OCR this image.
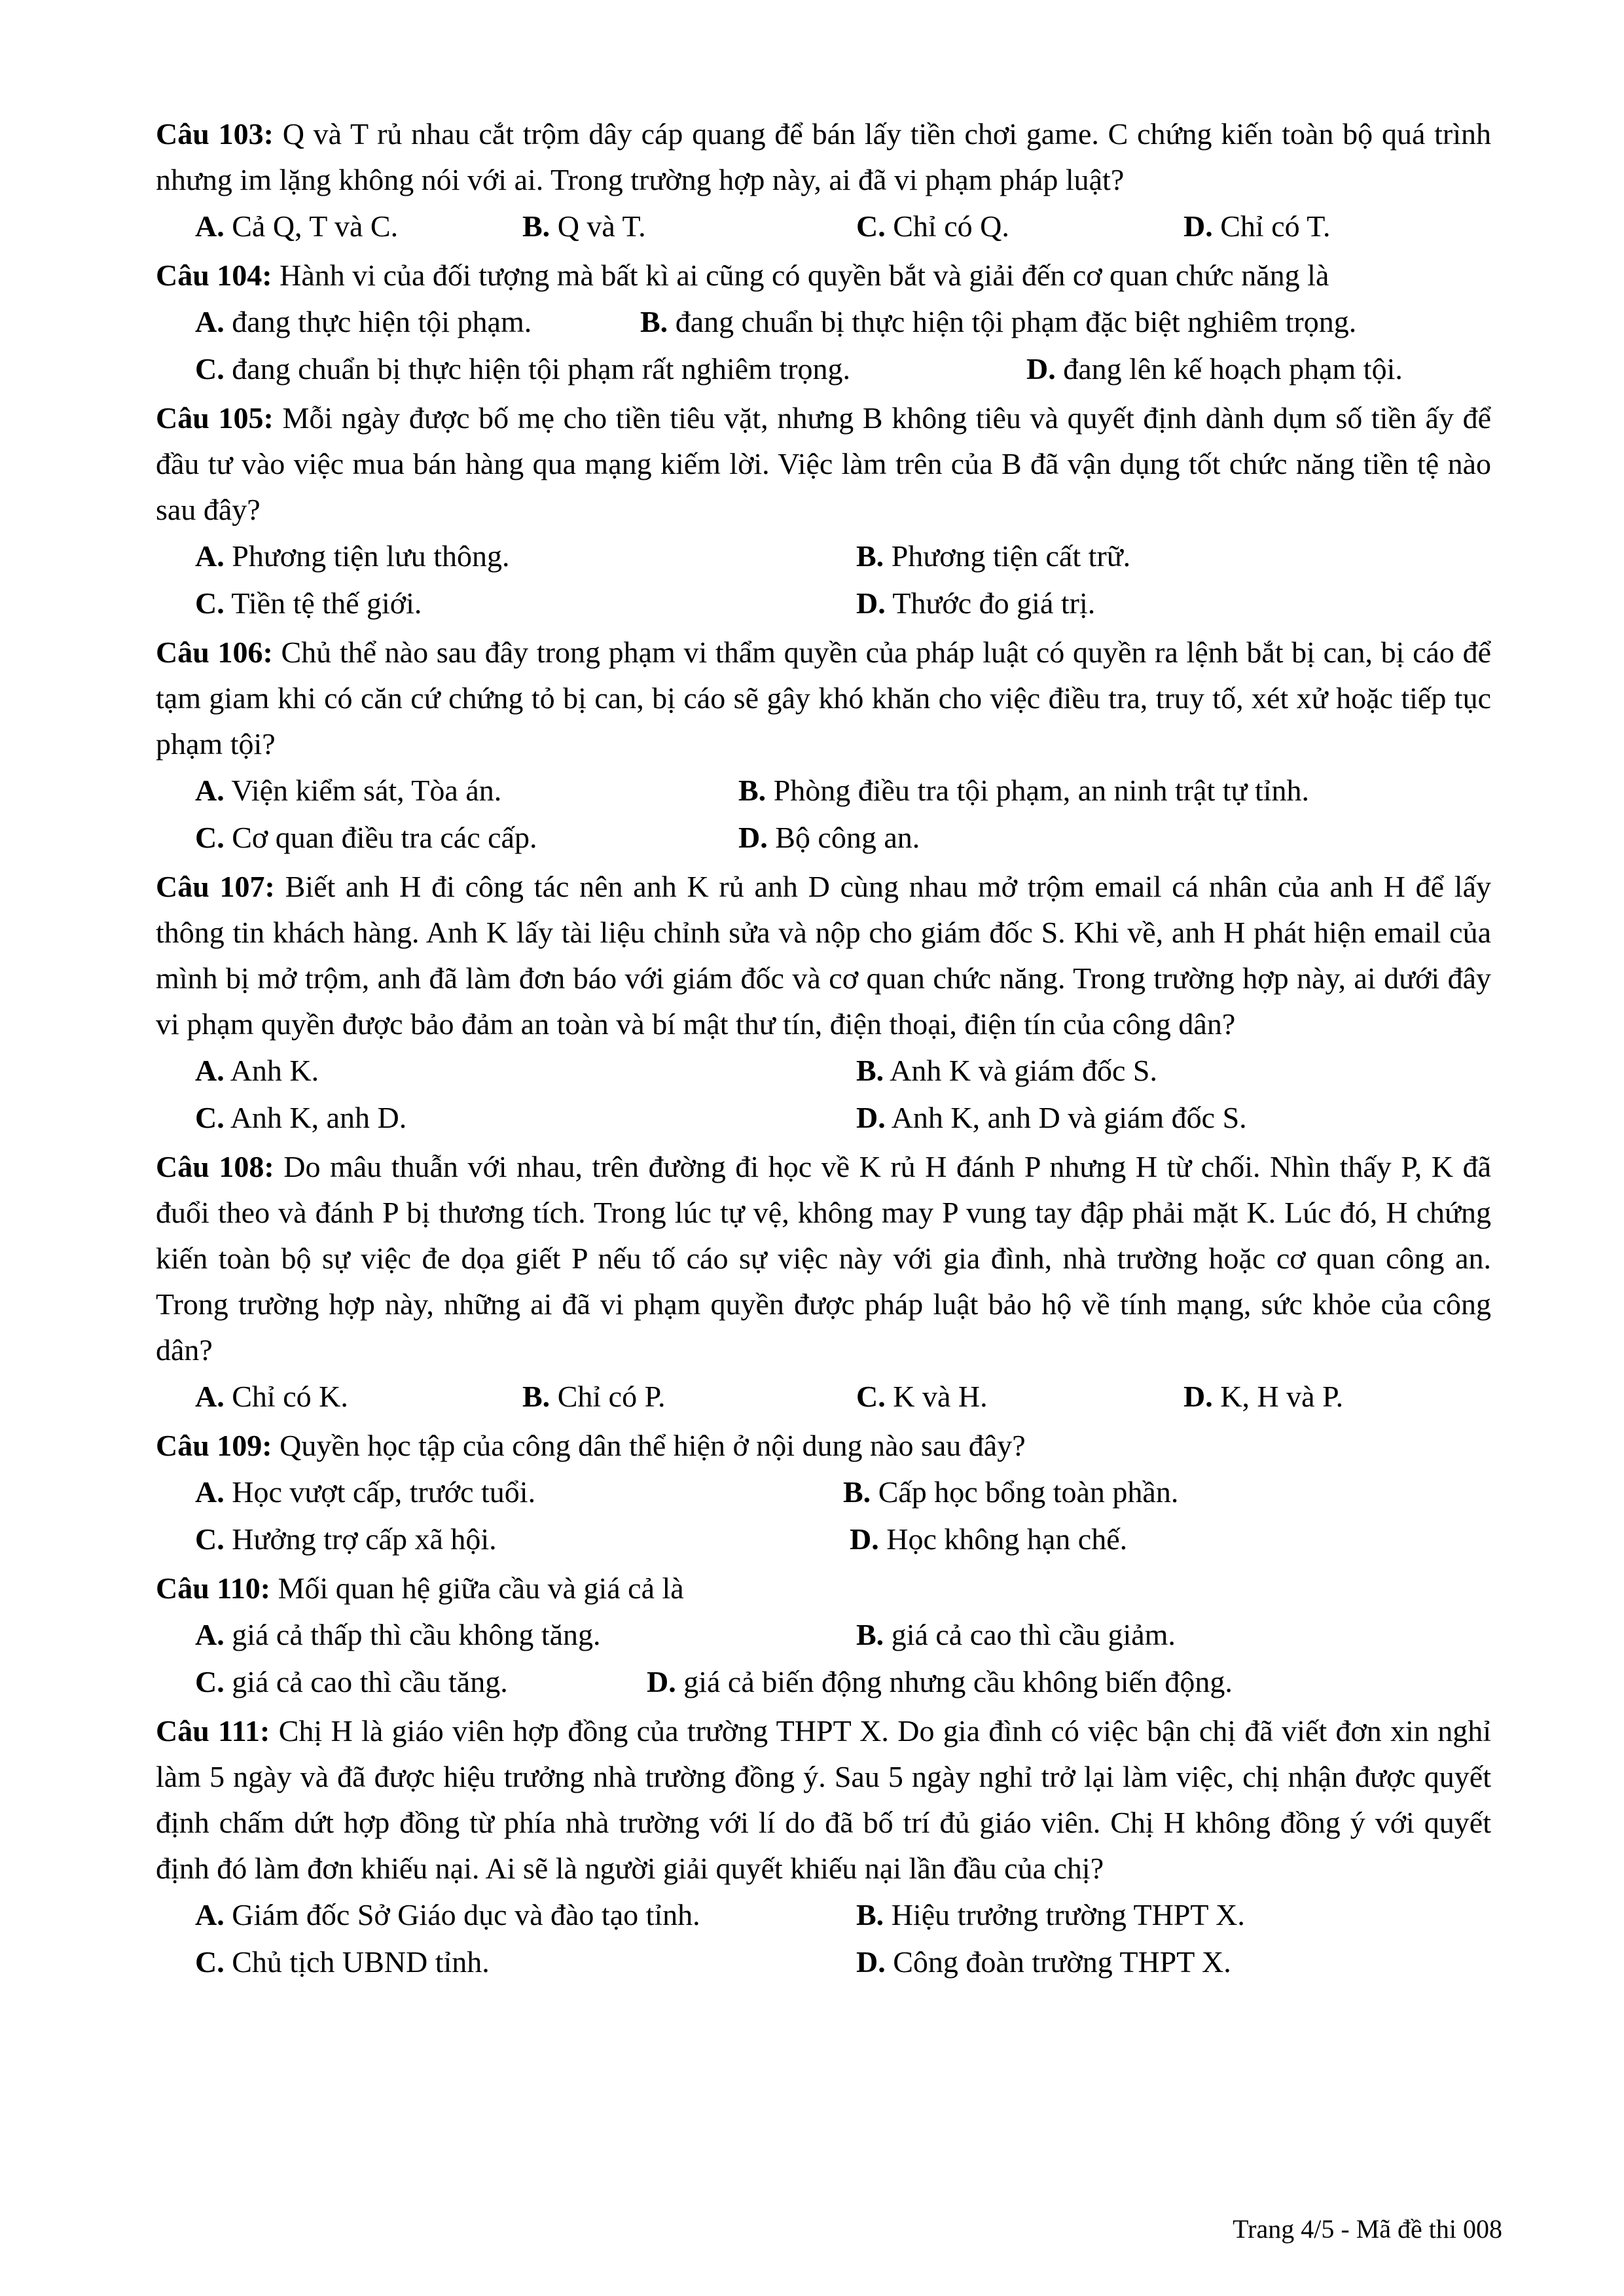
Câu 103: Q và T rủ nhau cắt trộm dây cáp quang để bán lấy tiền chơi game. C chứng kiến toàn bộ quá trình nhưng im lặng không nói với ai. Trong trường hợp này, ai đã vi phạm pháp luật?

A. Cả Q, T và C.	B. Q và T.	C. Chỉ có Q.	D. Chỉ có T.

Câu 104: Hành vi của đối tượng mà bất kì ai cũng có quyền bắt và giải đến cơ quan chức năng là

A. đang thực hiện tội phạm.	B. đang chuẩn bị thực hiện tội phạm đặc biệt nghiêm trọng.
C. đang chuẩn bị thực hiện tội phạm rất nghiêm trọng.	D. đang lên kế hoạch phạm tội.

Câu 105: Mỗi ngày được bố mẹ cho tiền tiêu vặt, nhưng B không tiêu và quyết định dành dụm số tiền ấy để đầu tư vào việc mua bán hàng qua mạng kiếm lời. Việc làm trên của B đã vận dụng tốt chức năng tiền tệ nào sau đây?

A. Phương tiện lưu thông.	B. Phương tiện cất trữ.
C. Tiền tệ thế giới.	D. Thước đo giá trị.

Câu 106: Chủ thể nào sau đây trong phạm vi thẩm quyền của pháp luật có quyền ra lệnh bắt bị can, bị cáo để tạm giam khi có căn cứ chứng tỏ bị can, bị cáo sẽ gây khó khăn cho việc điều tra, truy tố, xét xử hoặc tiếp tục phạm tội?

A. Viện kiểm sát, Tòa án.	B. Phòng điều tra tội phạm, an ninh trật tự tỉnh.
C. Cơ quan điều tra các cấp.	D. Bộ công an.

Câu 107: Biết anh H đi công tác nên anh K rủ anh D cùng nhau mở trộm email cá nhân của anh H để lấy thông tin khách hàng. Anh K lấy tài liệu chỉnh sửa và nộp cho giám đốc S. Khi về, anh H phát hiện email của mình bị mở trộm, anh đã làm đơn báo với giám đốc và cơ quan chức năng. Trong trường hợp này, ai dưới đây vi phạm quyền được bảo đảm an toàn và bí mật thư tín, điện thoại, điện tín của công dân?

A. Anh K.	B. Anh K và giám đốc S.
C. Anh K, anh D.	D. Anh K, anh D và giám đốc S.

Câu 108: Do mâu thuẫn với nhau, trên đường đi học về K rủ H đánh P nhưng H từ chối. Nhìn thấy P, K đã đuổi theo và đánh P bị thương tích. Trong lúc tự vệ, không may P vung tay đập phải mặt K. Lúc đó, H chứng kiến toàn bộ sự việc đe dọa giết P nếu tố cáo sự việc này với gia đình, nhà trường hoặc cơ quan công an. Trong trường hợp này, những ai đã vi phạm quyền được pháp luật bảo hộ về tính mạng, sức khỏe của công dân?

A. Chỉ có K.	B. Chỉ có P.	C. K và H.	D. K, H và P.

Câu 109: Quyền học tập của công dân thể hiện ở nội dung nào sau đây?

A. Học vượt cấp, trước tuổi.	B. Cấp học bổng toàn phần.
C. Hưởng trợ cấp xã hội.	D. Học không hạn chế.

Câu 110: Mối quan hệ giữa cầu và giá cả là

A. giá cả thấp thì cầu không tăng.	B. giá cả cao thì cầu giảm.
C. giá cả cao thì cầu tăng.	D. giá cả biến động nhưng cầu không biến động.

Câu 111: Chị H là giáo viên hợp đồng của trường THPT X. Do gia đình có việc bận chị đã viết đơn xin nghỉ làm 5 ngày và đã được hiệu trưởng nhà trường đồng ý. Sau 5 ngày nghỉ trở lại làm việc, chị nhận được quyết định chấm dứt hợp đồng từ phía nhà trường với lí do đã bố trí đủ giáo viên. Chị H không đồng ý với quyết định đó làm đơn khiếu nại. Ai sẽ là người giải quyết khiếu nại lần đầu của chị?

A. Giám đốc Sở Giáo dục và đào tạo tỉnh.	B. Hiệu trưởng trường THPT X.
C. Chủ tịch UBND tỉnh.	D. Công đoàn trường THPT X.
Trang 4/5 - Mã đề thi 008
